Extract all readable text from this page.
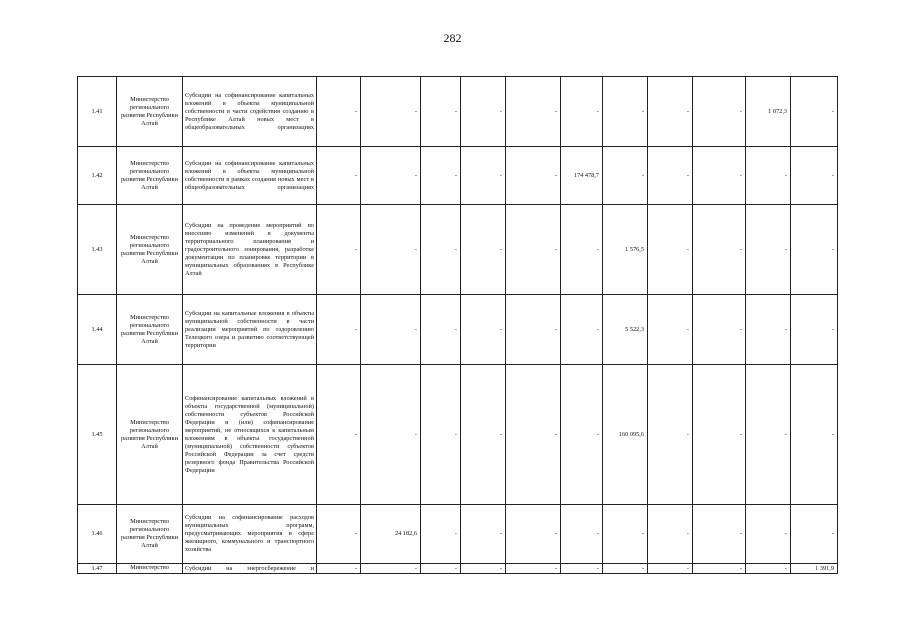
282
1.41	Министерство регионального развития Республики Алтай	Субсидии на софинансирование капитальных вложений в объекты муниципальной собственности в части содействия созданию в Республике Алтай новых мест в общеобразовательных организациях	-	-	-	-	-	-	-	-	-	1 072,3	-
1.42	Министерство регионального развития Республики Алтай	Субсидии на софинансирование капитальных вложений в объекты муниципальной собственности в рамках создания новых мест в общеобразовательных организациях	-	-	-	-	-	174 478,7	-	-	-	-	-
1.43	Министерство регионального развития Республики Алтай	Субсидии на проведение мероприятий по внесению изменений в документы территориального планирования и градостроительного зонирования, разработке документации по планировке территории в муниципальных образованиях в Республике Алтай	-	-	-	-	-	-	1 576,5	-	-	-	-
1.44	Министерство регионального развития Республики Алтай	Субсидии на капитальные вложения в объекты муниципальной собственности в части реализации мероприятий по оздоровлению Телецкого озера и развитию соответствующей территории	-	-	-	-	-	-	5 522,3	-	-	-	-
1.45	Министерство регионального развития Республики Алтай	Софинансирование капитальных вложений в объекты государственной (муниципальной) собственности субъектов Российской Федерации и (или) софинансирование мероприятий, не относящихся к капитальным вложениям в объекты государственной (муниципальной) собственности субъектов Российской Федерации за счет средств резервного фонда Правительства Российской Федерации	-	-	-	-	-	-	160 095,6	-	-	-	-
1.46	Министерство регионального развития Республики Алтай	Субсидии на софинансирование расходов муниципальных программ, предусматривающих мероприятия в сфере жилищного, коммунального и транспортного хозяйства	-	24 182,6	-	-	-	-	-	-	-	-	-
1.47	Министерство	Субсидии на энергосбережение и	-	-	-	-	-	-	-	-	-	-	1 391,9
